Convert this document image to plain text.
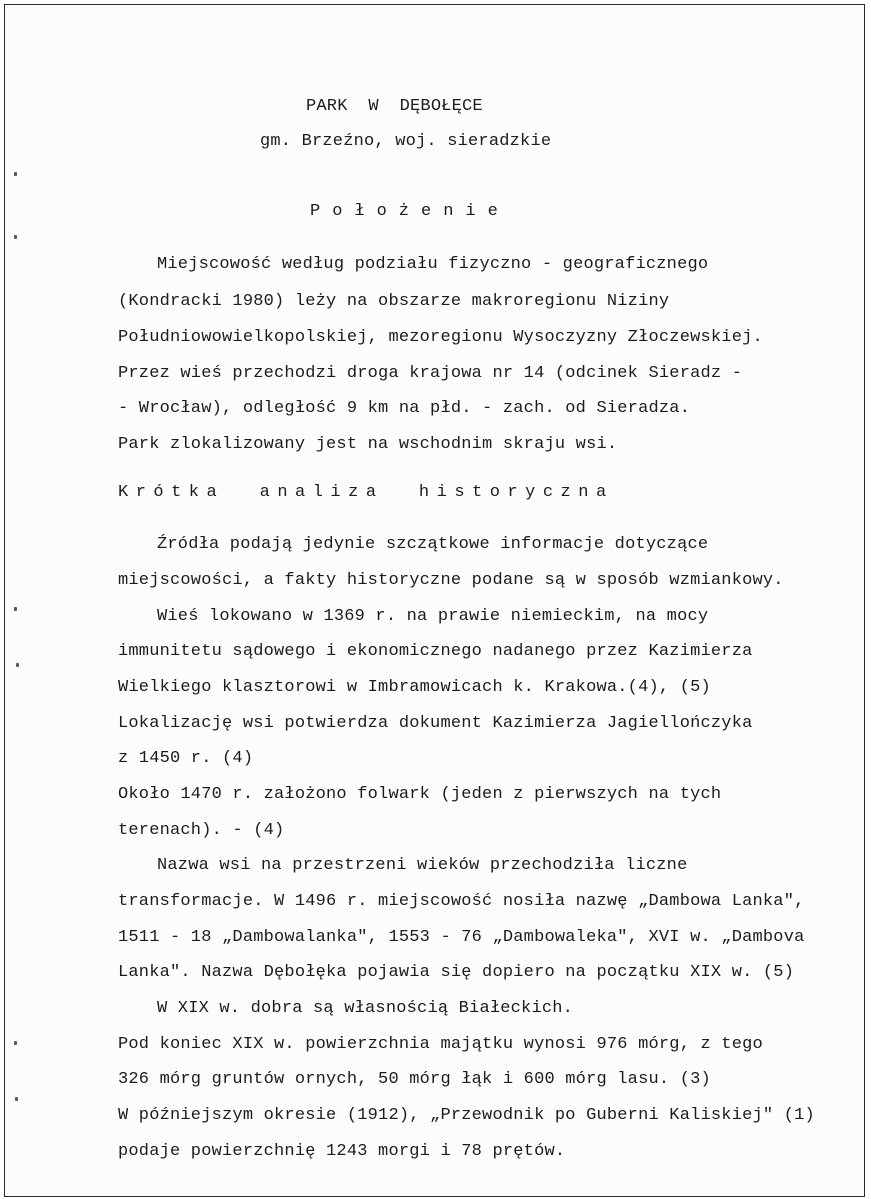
PARK  W  DĘBOŁĘCE
gm. Brzeźno, woj. sieradzkie
Położenie
Miejscowość według podziału fizyczno - geograficznego
(Kondracki 1980) leży na obszarze makroregionu Niziny
Południowowielkopolskiej, mezoregionu Wysoczyzny Złoczewskiej.
Przez wieś przechodzi droga krajowa nr 14 (odcinek Sieradz -
- Wrocław), odległość 9 km na płd. - zach. od Sieradza.
Park zlokalizowany jest na wschodnim skraju wsi.
Krótka  analiza  historyczna
Źródła podają jedynie szczątkowe informacje dotyczące
miejscowości, a fakty historyczne podane są w sposób wzmiankowy.
Wieś lokowano w 1369 r. na prawie niemieckim, na mocy
immunitetu sądowego i ekonomicznego nadanego przez Kazimierza
Wielkiego klasztorowi w Imbramowicach k. Krakowa.(4), (5)
Lokalizację wsi potwierdza dokument Kazimierza Jagiellończyka
z 1450 r. (4)
Około 1470 r. założono folwark (jeden z pierwszych na tych
terenach). - (4)
Nazwa wsi na przestrzeni wieków przechodziła liczne
transformacje. W 1496 r. miejscowość nosiła nazwę „Dambowa Lanka",
1511 - 18 „Dambowalanka", 1553 - 76 „Dambowaleka", XVI w. „Dambova
Lanka". Nazwa Dębołęka pojawia się dopiero na początku XIX w. (5)
W XIX w. dobra są własnością Białeckich.
Pod koniec XIX w. powierzchnia majątku wynosi 976 mórg, z tego
326 mórg gruntów ornych, 50 mórg łąk i 600 mórg lasu. (3)
W późniejszym okresie (1912), „Przewodnik po Guberni Kaliskiej" (1)
podaje powierzchnię 1243 morgi i 78 prętów.
